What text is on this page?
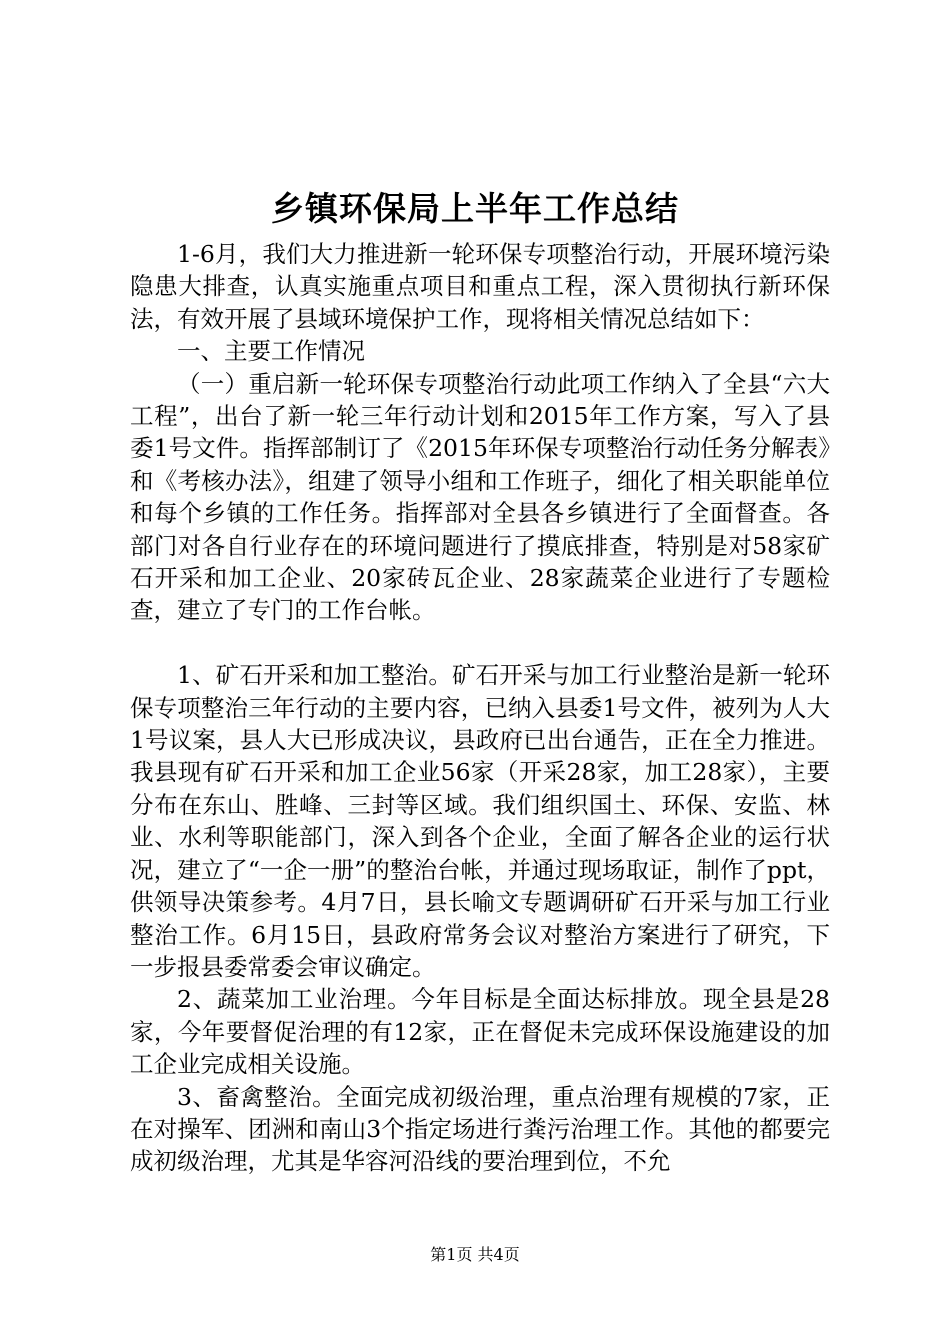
乡镇环保局上半年工作总结

1-6月，我们大力推进新一轮环保专项整治行动，开展环境污染隐患大排查，认真实施重点项目和重点工程，深入贯彻执行新环保法，有效开展了县域环境保护工作，现将相关情况总结如下：

一、主要工作情况

（一）重启新一轮环保专项整治行动此项工作纳入了全县“六大工程”，出台了新一轮三年行动计划和2015年工作方案，写入了县委1号文件。指挥部制订了《2015年环保专项整治行动任务分解表》和《考核办法》，组建了领导小组和工作班子，细化了相关职能单位和每个乡镇的工作任务。指挥部对全县各乡镇进行了全面督查。各部门对各自行业存在的环境问题进行了摸底排查，特别是对58家矿石开采和加工企业、20家砖瓦企业、28家蔬菜企业进行了专题检查，建立了专门的工作台帐。

1、矿石开采和加工整治。矿石开采与加工行业整治是新一轮环保专项整治三年行动的主要内容，已纳入县委1号文件，被列为人大1号议案，县人大已形成决议，县政府已出台通告，正在全力推进。我县现有矿石开采和加工企业56家（开采28家，加工28家），主要分布在东山、胜峰、三封等区域。我们组织国土、环保、安监、林业、水利等职能部门，深入到各个企业，全面了解各企业的运行状况，建立了“一企一册”的整治台帐，并通过现场取证，制作了ppt，供领导决策参考。4月7日，县长喻文专题调研矿石开采与加工行业整治工作。6月15日，县政府常务会议对整治方案进行了研究，下一步报县委常委会审议确定。

2、蔬菜加工业治理。今年目标是全面达标排放。现全县是28家，今年要督促治理的有12家，正在督促未完成环保设施建设的加工企业完成相关设施。

3、畜禽整治。全面完成初级治理，重点治理有规模的7家，正在对操军、团洲和南山3个指定场进行粪污治理工作。其他的都要完成初级治理，尤其是华容河沿线的要治理到位，不允

第1页 共4页
